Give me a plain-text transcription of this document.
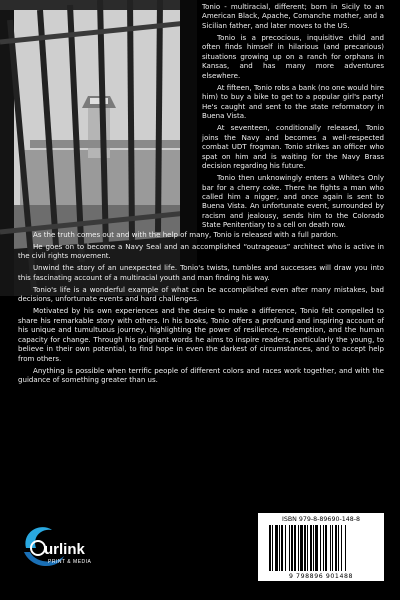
Tonio - multiracial, different; born in Sicily to an American Black, Apache, Comanche mother, and a Sicilian father, and later moves to the US.

Tonio is a precocious, inquisitive child and often finds himself in hilarious (and precarious) situations growing up on a ranch for orphans in Kansas, and has many more adventures elsewhere.

At fifteen, Tonio robs a bank (no one would hire him) to buy a bike to get to a popular girl's party! He's caught and sent to the state reformatory in Buena Vista.

At seventeen, conditionally released, Tonio joins the Navy and becomes a well-respected combat UDT frogman. Tonio strikes an officer who spat on him and is waiting for the Navy Brass decision regarding his future.

Tonio then unknowingly enters a White's Only bar for a cherry coke. There he fights a man who called him a nigger, and once again is sent to Buena Vista. An unfortunate event, surrounded by racism and jealousy, sends him to the Colorado State Penitentiary to a cell on death row.

As the truth comes out and with the help of many, Tonio is released with a full pardon.

He goes on to become a Navy Seal and an accomplished “outrageous” architect who is active in the civil rights movement.

Unwind the story of an unexpected life. Tonio's twists, tumbles and successes will draw you into this fascinating account of a multiracial youth and man finding his way.

Tonio's life is a wonderful example of what can be accomplished even after many mistakes, bad decisions, unfortunate events and hard challenges.

Motivated by his own experiences and the desire to make a difference, Tonio felt compelled to share his remarkable story with others. In his books, Tonio offers a profound and inspiring account of his unique and tumultuous journey, highlighting the power of resilience, redemption, and the human capacity for change. Through his poignant words he aims to inspire readers, particularly the young, to believe in their own potential, to find hope in even the darkest of circumstances, and to accept help from others.

Anything is possible when terrific people of different colors and races work together, and with the guidance of something greater than us.

urlink
PRINT & MEDIA
ISBN 979-8-89690-148-8
9 798896 901488
